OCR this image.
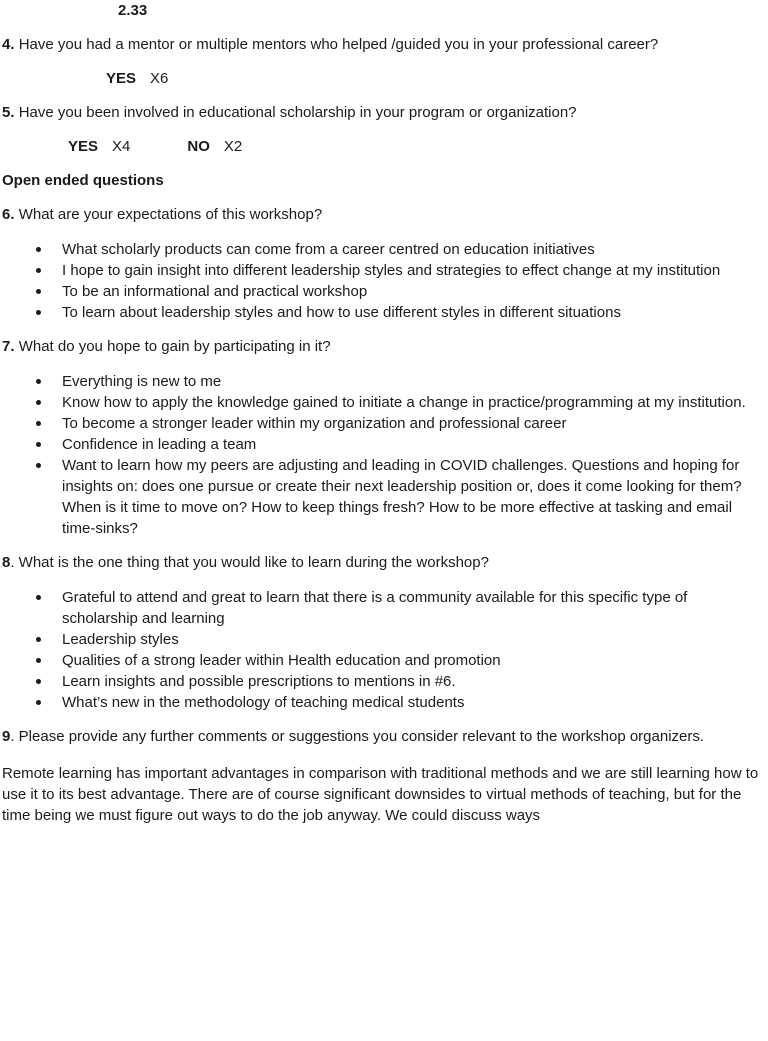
2.33

4. Have you had a mentor or multiple mentors who helped /guided you in your professional career?

YES X6

5. Have you been involved in educational scholarship in your program or organization?

YES X4	NO X2

Open ended questions

6. What are your expectations of this workshop?

What scholarly products can come from a career centred on education initiatives
I hope to gain insight into different leadership styles and strategies to effect change at my institution
To be an informational and practical workshop
To learn about leadership styles and how to use different styles in different situations

7. What do you hope to gain by participating in it?

Everything is new to me
Know how to apply the knowledge gained to initiate a change in practice/programming at my institution.
To become a stronger leader within my organization and professional career
Confidence in leading a team
Want to learn how my peers are adjusting and leading in COVID challenges. Questions and hoping for insights on: does one pursue or create their next leadership position or, does it come looking for them? When is it time to move on? How to keep things fresh? How to be more effective at tasking and email time-sinks?

8. What is the one thing that you would like to learn during the workshop?

Grateful to attend and great to learn that there is a community available for this specific type of scholarship and learning
Leadership styles
Qualities of a strong leader within Health education and promotion
Learn insights and possible prescriptions to mentions in #6.
What’s new in the methodology of teaching medical students

9. Please provide any further comments or suggestions you consider relevant to the workshop organizers.

Remote learning has important advantages in comparison with traditional methods and we are still learning how to use it to its best advantage. There are of course significant downsides to virtual methods of teaching, but for the time being we must figure out ways to do the job anyway. We could discuss ways
